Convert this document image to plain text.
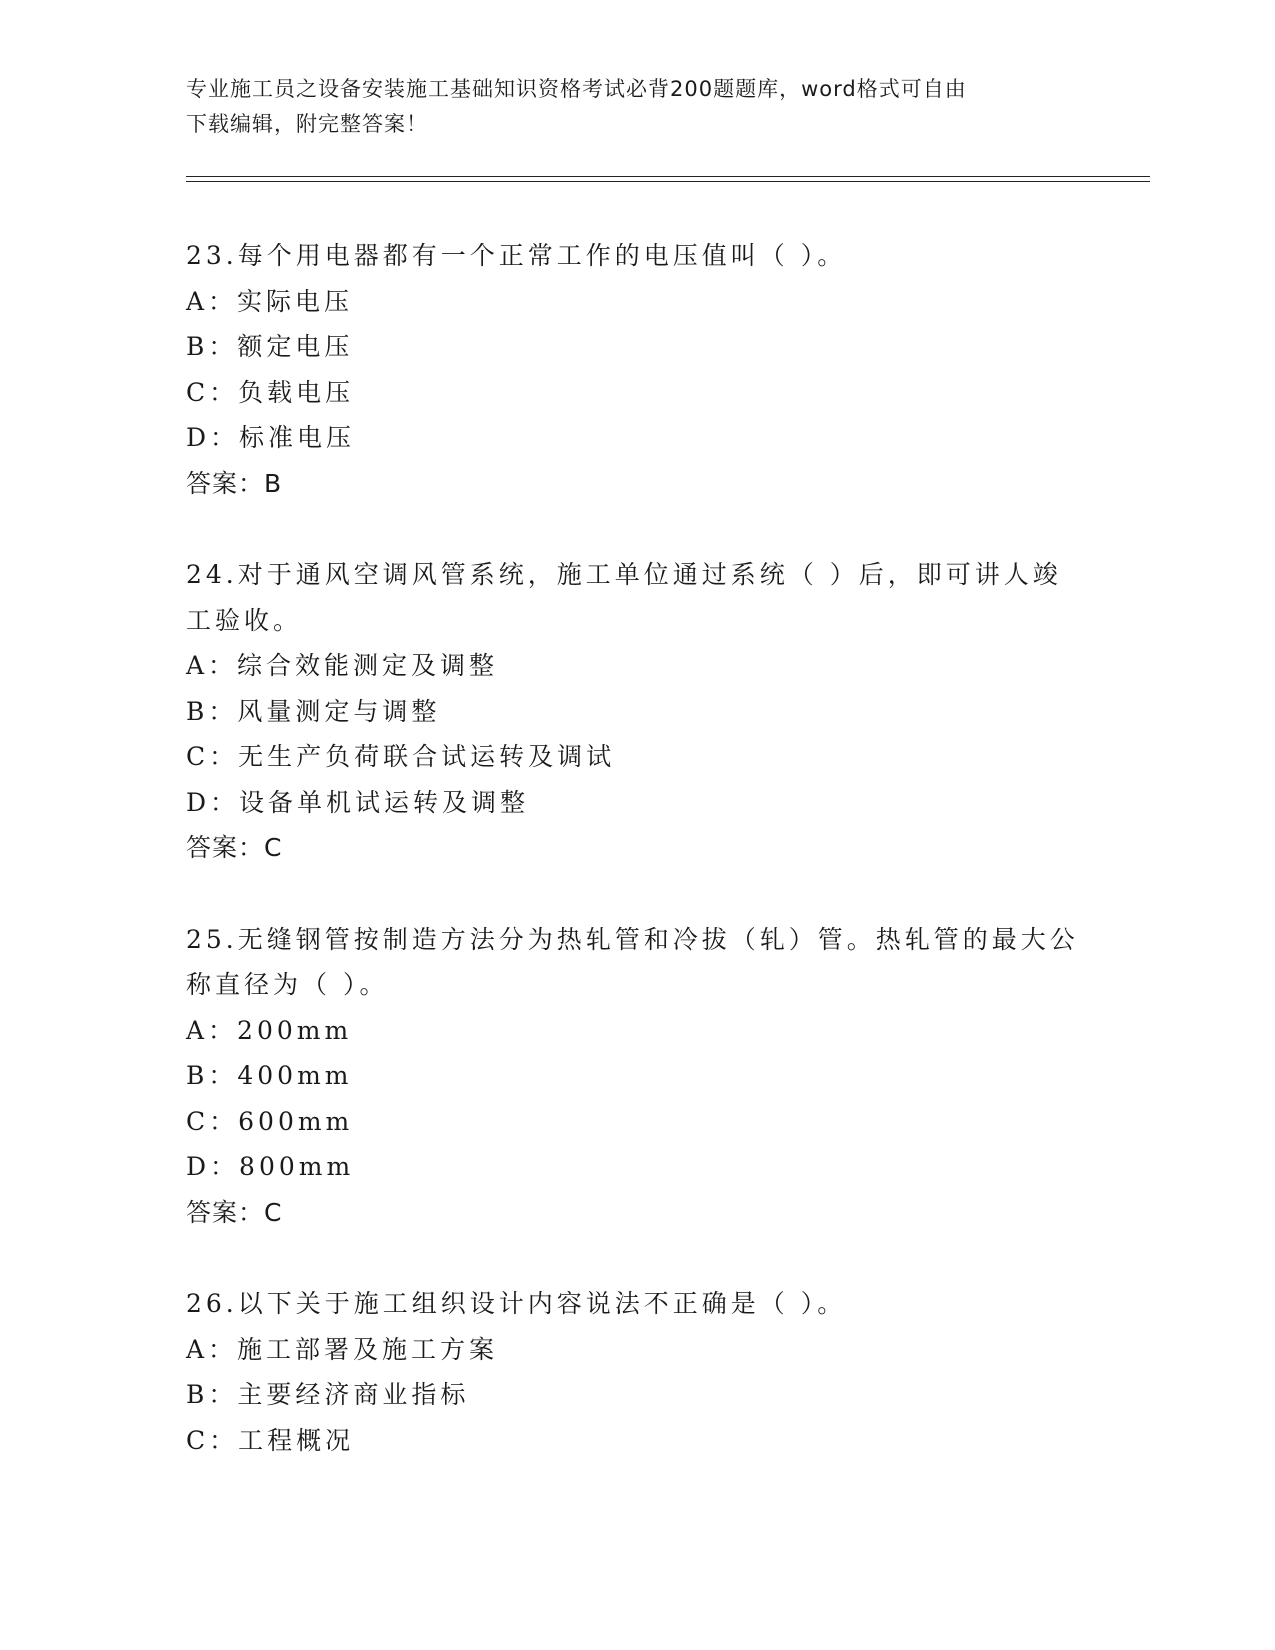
专业施工员之设备安装施工基础知识资格考试必背200题题库，word格式可自由
下载编辑，附完整答案！
23.每个用电器都有一个正常工作的电压值叫（ ）。
A：实际电压
B：额定电压
C：负载电压
D：标准电压
答案：B
24.对于通风空调风管系统，施工单位通过系统（ ）后，即可讲人竣
工验收。
A：综合效能测定及调整
B：风量测定与调整
C：无生产负荷联合试运转及调试
D：设备单机试运转及调整
答案：C
25.无缝钢管按制造方法分为热轧管和冷拔（轧）管。热轧管的最大公
称直径为（ ）。
A：200mm
B：400mm
C：600mm
D：800mm
答案：C
26.以下关于施工组织设计内容说法不正确是（ ）。
A：施工部署及施工方案
B：主要经济商业指标
C：工程概况
